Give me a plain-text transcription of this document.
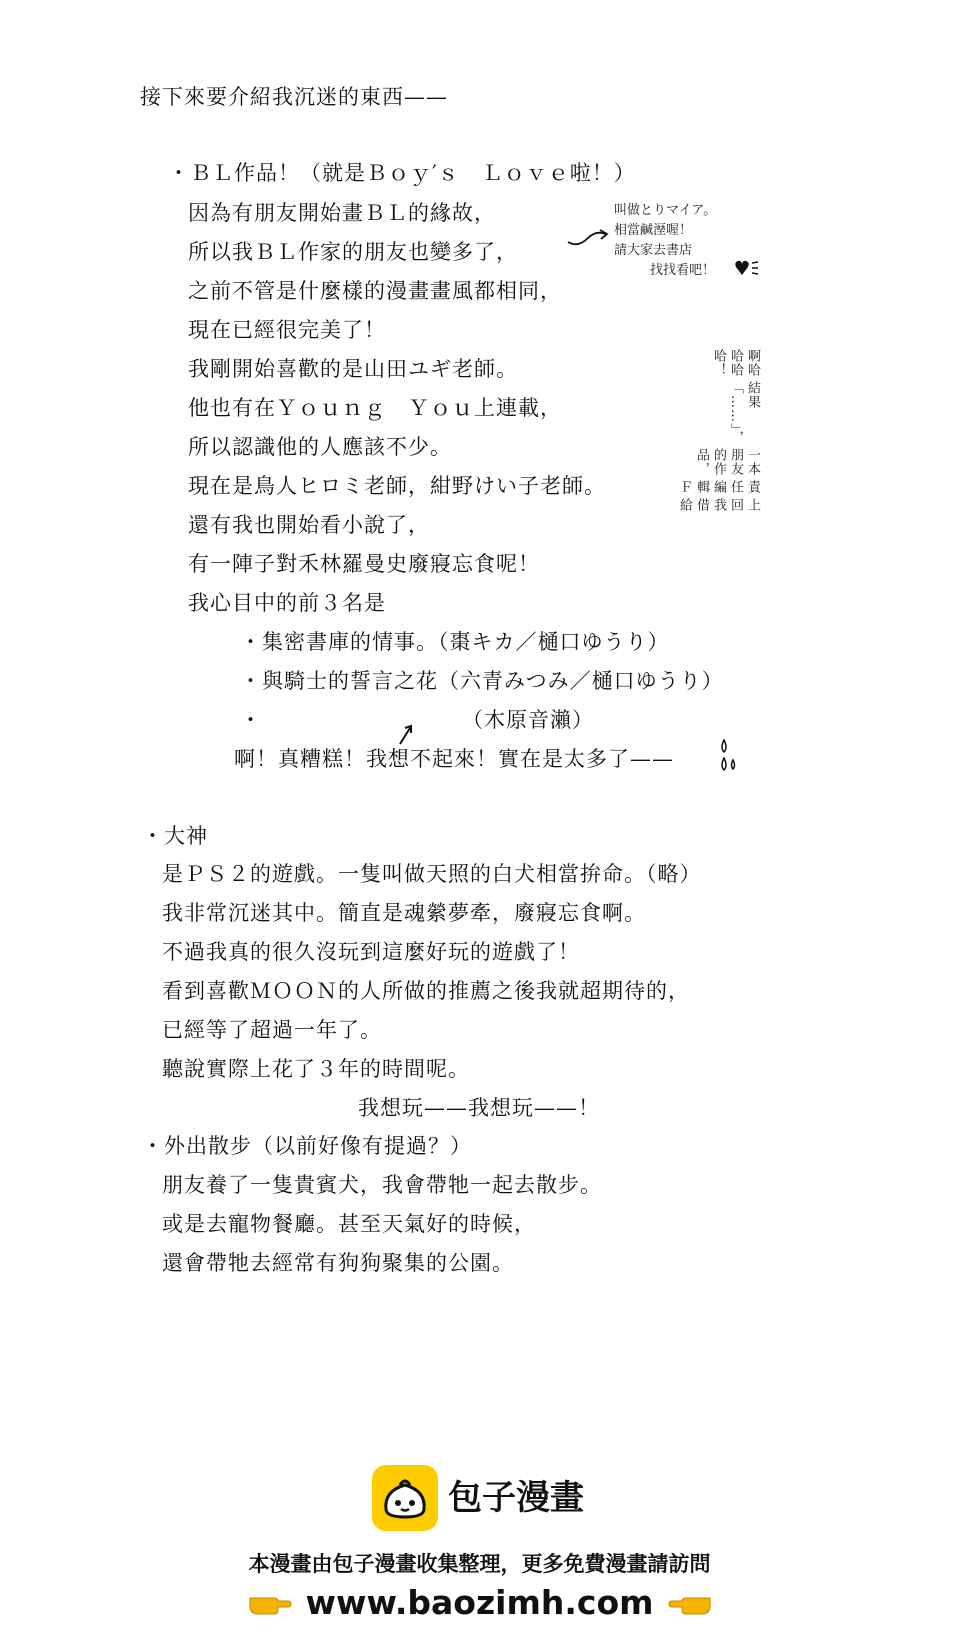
接下來要介紹我沉迷的東西——
・ＢＬ作品！（就是Ｂｏｙ′ｓ　Ｌｏｖｅ啦！）
因為有朋友開始畫ＢＬ的緣故，
所以我ＢＬ作家的朋友也變多了，
之前不管是什麼樣的漫畫畫風都相同，
現在已經很完美了！
我剛開始喜歡的是山田ユギ老師。
他也有在Ｙｏｕｎｇ　Ｙｏｕ上連載，
所以認識他的人應該不少。
現在是鳥人ヒロミ老師，紺野けい子老師。
還有我也開始看小說了，
有一陣子對禾林羅曼史廢寢忘食呢！
我心目中的前３名是
・集密書庫的情事。（棗キカ／樋口ゆうり）
・與騎士的誓言之花（六青みつみ／樋口ゆうり）
・	（木原音瀨）
啊！真糟糕！我想不起來！實在是太多了——
叫做とりマイア。
相當鹹溼喔！
請大家去書店
找找看吧！
上回我借給
責任編輯Ｆ
一本朋友的作品，
結果「……」，
啊哈哈哈哈！
・大神
是ＰＳ２的遊戲。一隻叫做天照的白犬相當拚命。（略）
我非常沉迷其中。簡直是魂縈夢牽，廢寢忘食啊。
不過我真的很久沒玩到這麼好玩的遊戲了！
看到喜歡ＭＯＯＮ的人所做的推薦之後我就超期待的，
已經等了超過一年了。
聽說實際上花了３年的時間呢。
我想玩——我想玩——！
・外出散步（以前好像有提過？）
朋友養了一隻貴賓犬，我會帶牠一起去散步。
或是去寵物餐廳。甚至天氣好的時候，
還會帶牠去經常有狗狗聚集的公園。
包子漫畫
本漫畫由包子漫畫收集整理，更多免費漫畫請訪問
www.baozimh.com
